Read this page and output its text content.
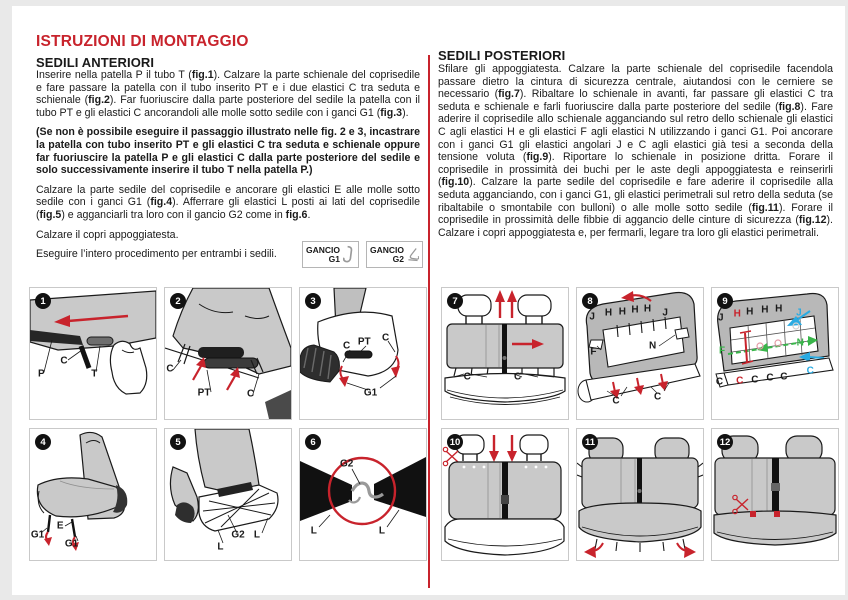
ISTRUZIONI DI MONTAGGIO
SEDILI ANTERIORI	SEDILI POSTERIORI

Inserire nella patella P il tubo T (fig.1). Calzare la parte schienale del coprisedile e fare passare la patella con il tubo inserito PT e i due elastici C tra seduta e schienale (fig.2). Far fuoriuscire dalla parte posteriore del sedile la patella con il tubo PT e gli elastici C ancorandoli alle molle sotto sedile con i ganci G1 (fig.3).

(Se non è possibile eseguire il passaggio illustrato nelle fig. 2 e 3, incastrare la patella con tubo inserito PT e gli elastici C tra seduta e schienale oppure far fuoriuscire la patella P e gli elastici C dalla parte posteriore del sedile e solo successivamente inserire il tubo T nella patella P.)

Calzare la parte sedile del coprisedile e ancorare gli elastici E alle molle sotto sedile con i ganci G1 (fig.4). Afferrare gli elastici L posti ai lati del coprisedile (fig.5) e agganciarli tra loro con il gancio G2 come in fig.6.

Calzare il copri appoggiatesta.

Eseguire l’intero procedimento per entrambi i sedili.

Sfilare gli appoggiatesta. Calzare la parte schienale del coprisedile facendola passare dietro la cintura di sicurezza centrale, aiutandosi con le cerniere se necessario (fig.7). Ribaltare lo schienale in avanti, far passare gli elastici C tra seduta e schienale e farli fuoriuscire dalla parte posteriore del sedile (fig.8). Fare aderire il coprisedile allo schienale agganciando sul retro dello schienale gli elastici C agli elastici H e gli elastici F agli elastici N utilizzando i ganci G1. Poi ancorare con i ganci G1 gli elastici angolari J e C agli elastici già tesi a seconda della tensione voluta (fig.9). Riportare lo schienale in posizione dritta. Forare il coprisedile in prossimità dei buchi per le aste degli appoggiatesta e reinserirli (fig.10). Calzare la parte sedile del coprisedile e fare aderire il coprisedile alla seduta agganciando, con i ganci G1, gli elastici perimetrali sul retro della seduta (se ribaltabile o smontabile con bulloni) o alle molle sotto sedile (fig.11). Forare il coprisedile in prossimità delle fibbie di aggancio delle cinture di sicurezza (fig.12). Calzare i copri appoggiatesta e, per fermarli, legare tra loro gli elastici perimetrali.

GANCIO
G1
GANCIO
G2
1
P
C
T
2
C
PT	C
3
C PT C
G1
4
G1
E
G1
5
G2
L
L
6
G2
L	L
7
C	C
8
J H H H H J
F
N
C	C
9
J H H H H J
F
N
C C C C C
C
10	11	12
